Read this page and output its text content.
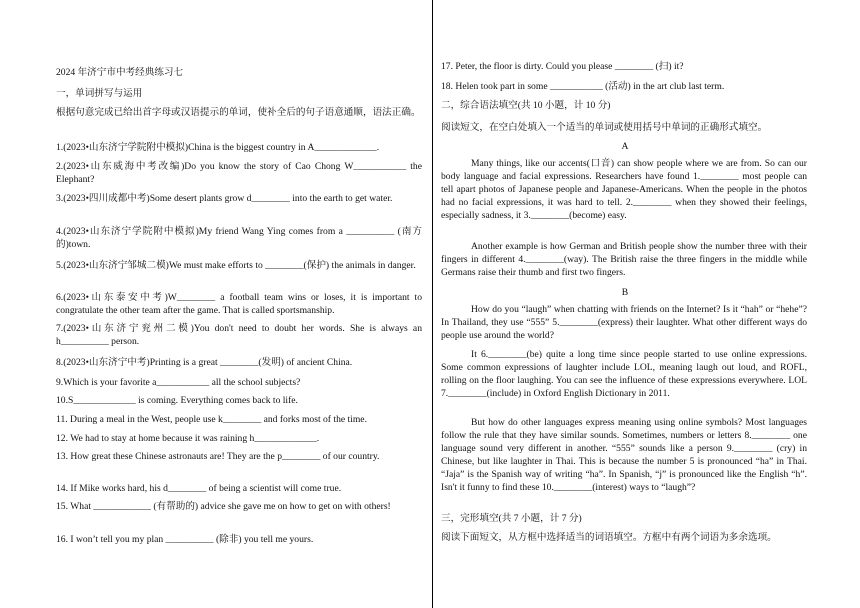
2024 年济宁市中考经典练习七
一，单词拼写与运用
根据句意完成已给出首字母或汉语提示的单词，使补全后的句子语意通顺，语法正确。
1.(2023•山东济宁学院附中模拟)China is the biggest country in A_____________.
2.(2023•山东威海中考改编)Do you know the story of Cao Chong W___________ the Elephant?
3.(2023•四川成都中考)Some desert plants grow d________ into the earth to get water.
4.(2023•山东济宁学院附中模拟)My friend Wang Ying comes from a __________ (南方的)town.
5.(2023•山东济宁邹城二模)We must make efforts to ________(保护) the animals in danger.
6.(2023•山东泰安中考)W________ a football team wins or loses, it is important to congratulate the other team after the game. That is called sportsmanship.
7.(2023•山东济宁兖州二模)You don't need to doubt her words. She is always an h__________ person.
8.(2023•山东济宁中考)Printing is a great ________(发明) of ancient China.
9.Which is your favorite a___________ all the school subjects?
10.S_____________ is coming. Everything comes back to life.
11. During a meal in the West, people use k________ and forks most of the time.
12. We had to stay at home because it was raining h_____________.
13. How great these Chinese astronauts are! They are the p________ of our country.
14. If Mike works hard, his d________ of being a scientist will come true.
15. What ____________ (有帮助的) advice she gave me on how to get on with others!
16. I won’t tell you my plan __________ (除非) you tell me yours.
17. Peter, the floor is dirty. Could you please ________ (扫) it?
18. Helen took part in some ___________ (活动) in the art club last term.
二，综合语法填空(共 10 小题，计 10 分)
阅读短文，在空白处填入一个适当的单词或使用括号中单词的正确形式填空。
A
Many things, like our accents(口音) can show people where we are from. So can our body language and facial expressions. Researchers have found 1.________ most people can tell apart photos of Japanese people and Japanese-Americans. When the people in the photos had no facial expressions, it was hard to tell. 2.________ when they showed their feelings, especially sadness, it 3.________(become) easy.
Another example is how German and British people show the number three with their fingers in different 4.________(way). The British raise the three fingers in the middle while Germans raise their thumb and first two fingers.
B
How do you “laugh” when chatting with friends on the Internet? Is it “hah” or “hehe”? In Thailand, they use “555” 5.________(express) their laughter. What other different ways do people use around the world?
It 6.________(be) quite a long time since people started to use online expressions. Some common expressions of laughter include LOL, meaning laugh out loud, and ROFL, rolling on the floor laughing. You can see the influence of these expressions everywhere. LOL 7.________(include) in Oxford English Dictionary in 2011.
But how do other languages express meaning using online symbols? Most languages follow the rule that they have similar sounds. Sometimes, numbers or letters 8.________ one language sound very different in another. “555” sounds like a person 9.________ (cry) in Chinese, but like laughter in Thai. This is because the number 5 is pronounced “ha” in Thai. “Jaja” is the Spanish way of writing “ha”. In Spanish, “j” is pronounced like the English “h”. Isn't it funny to find these 10.________(interest) ways to “laugh”?
三，完形填空(共 7 小题，计 7 分)
阅读下面短文，从方框中选择适当的词语填空。方框中有两个词语为多余选项。
